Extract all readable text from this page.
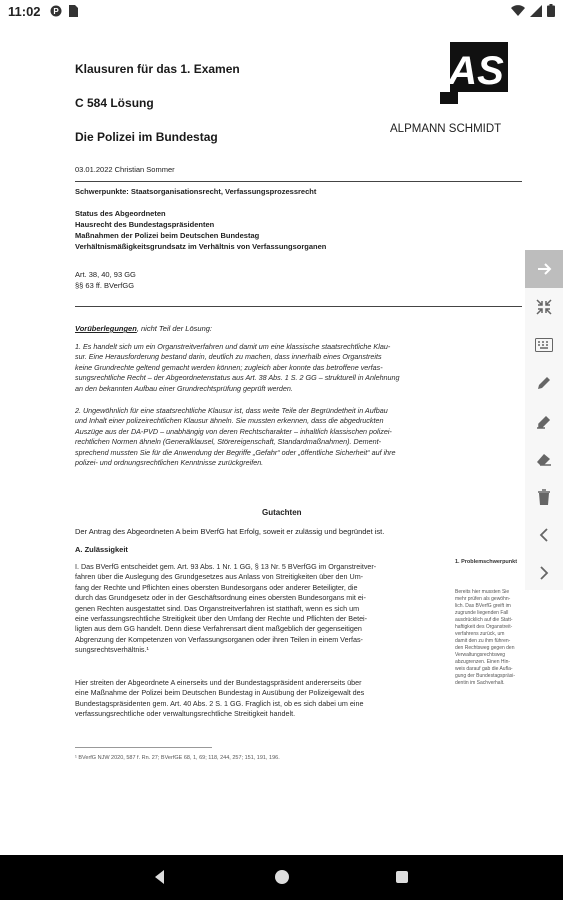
11:02 P
Klausuren für das 1. Examen
C 584 Lösung
Die Polizei im Bundestag
AS
ALPMANN SCHMIDT
03.01.2022 Christian Sommer
Schwerpunkte: Staatsorganisationsrecht, Verfassungsprozessrecht
Status des Abgeordneten
Hausrecht des Bundestagspräsidenten
Maßnahmen der Polizei beim Deutschen Bundestag
Verhältnismäßigkeitsgrundsatz im Verhältnis von Verfassungsorganen
Art. 38, 40, 93 GG
§§ 63 ff. BVerfGG
Vorüberlegungen, nicht Teil der Lösung:

1. Es handelt sich um ein Organstreitverfahren und damit um eine klassische staatsrechtliche Klau-

sur. Eine Herausforderung bestand darin, deutlich zu machen, dass innerhalb eines Organstreits

keine Grundrechte geltend gemacht werden können; zugleich aber konnte das betroffene verfas-

sungsrechtliche Recht – der Abgeordnetenstatus aus Art. 38 Abs. 1 S. 2 GG – strukturell in Anlehnung

an den bekannten Aufbau einer Grundrechtsprüfung geprüft werden.

2. Ungewöhnlich für eine staatsrechtliche Klausur ist, dass weite Teile der Begründetheit in Aufbau

und Inhalt einer polizeirechtlichen Klausur ähneln. Sie mussten erkennen, dass die abgedruckten

Auszüge aus der DA-PVD – unabhängig von deren Rechtscharakter – inhaltlich klassischen polizei-

rechtlichen Normen ähneln (Generalklausel, Störereigenschaft, Standardmaßnahmen). Dement-

sprechend mussten Sie für die Anwendung der Begriffe „Gefahr“ oder „öffentliche Sicherheit“ auf ihre

polizei- und ordnungsrechtlichen Kenntnisse zurückgreifen.

Gutachten
Der Antrag des Abgeordneten A beim BVerfG hat Erfolg, soweit er zulässig und begründet ist.
A. Zulässigkeit

I. Das BVerfG entscheidet gem. Art. 93 Abs. 1 Nr. 1 GG, § 13 Nr. 5 BVerfGG im Organstreitver-

fahren über die Auslegung des Grundgesetzes aus Anlass von Streitigkeiten über den Um-

fang der Rechte und Pflichten eines obersten Bundesorgans oder anderer Beteiligter, die

durch das Grundgesetz oder in der Geschäftsordnung eines obersten Bundesorgans mit ei-

genen Rechten ausgestattet sind. Das Organstreitverfahren ist statthaft, wenn es sich um

eine verfassungsrechtliche Streitigkeit über den Umfang der Rechte und Pflichten der Betei-

ligten aus dem GG handelt. Denn diese Verfahrensart dient maßgeblich der gegenseitigen

Abgrenzung der Kompetenzen von Verfassungsorganen oder ihren Teilen in einem Verfas-

sungsrechtsverhältnis.¹

Hier streiten der Abgeordnete A einerseits und der Bundestagspräsident andererseits über

eine Maßnahme der Polizei beim Deutschen Bundestag in Ausübung der Polizeigewalt des

Bundestagspräsidenten gem. Art. 40 Abs. 2 S. 1 GG. Fraglich ist, ob es sich dabei um eine

verfassungsrechtliche oder verwaltungsrechtliche Streitigkeit handelt.

¹ BVerfG NJW 2020, 587 f. Rn. 27; BVerfGE 68, 1, 69; 118, 244, 257; 151, 191, 196.
1. Problemschwerpunkt
Bereits hier mussten Sie
mehr prüfen als gewöhn-
lich. Das BVerfG greift im
zugrunde liegenden Fall
ausdrücklich auf die Statt-
haftigkeit des Organstreit-
verfahrens zurück, um
damit den zu ihm führen-
den Rechtsweg gegen den
Verwaltungsrechtsweg
abzugrenzen. Einen Hin-
weis darauf gab die Aufla-
gung der Bundestagspräsi-
dentin im Sachverhalt.
